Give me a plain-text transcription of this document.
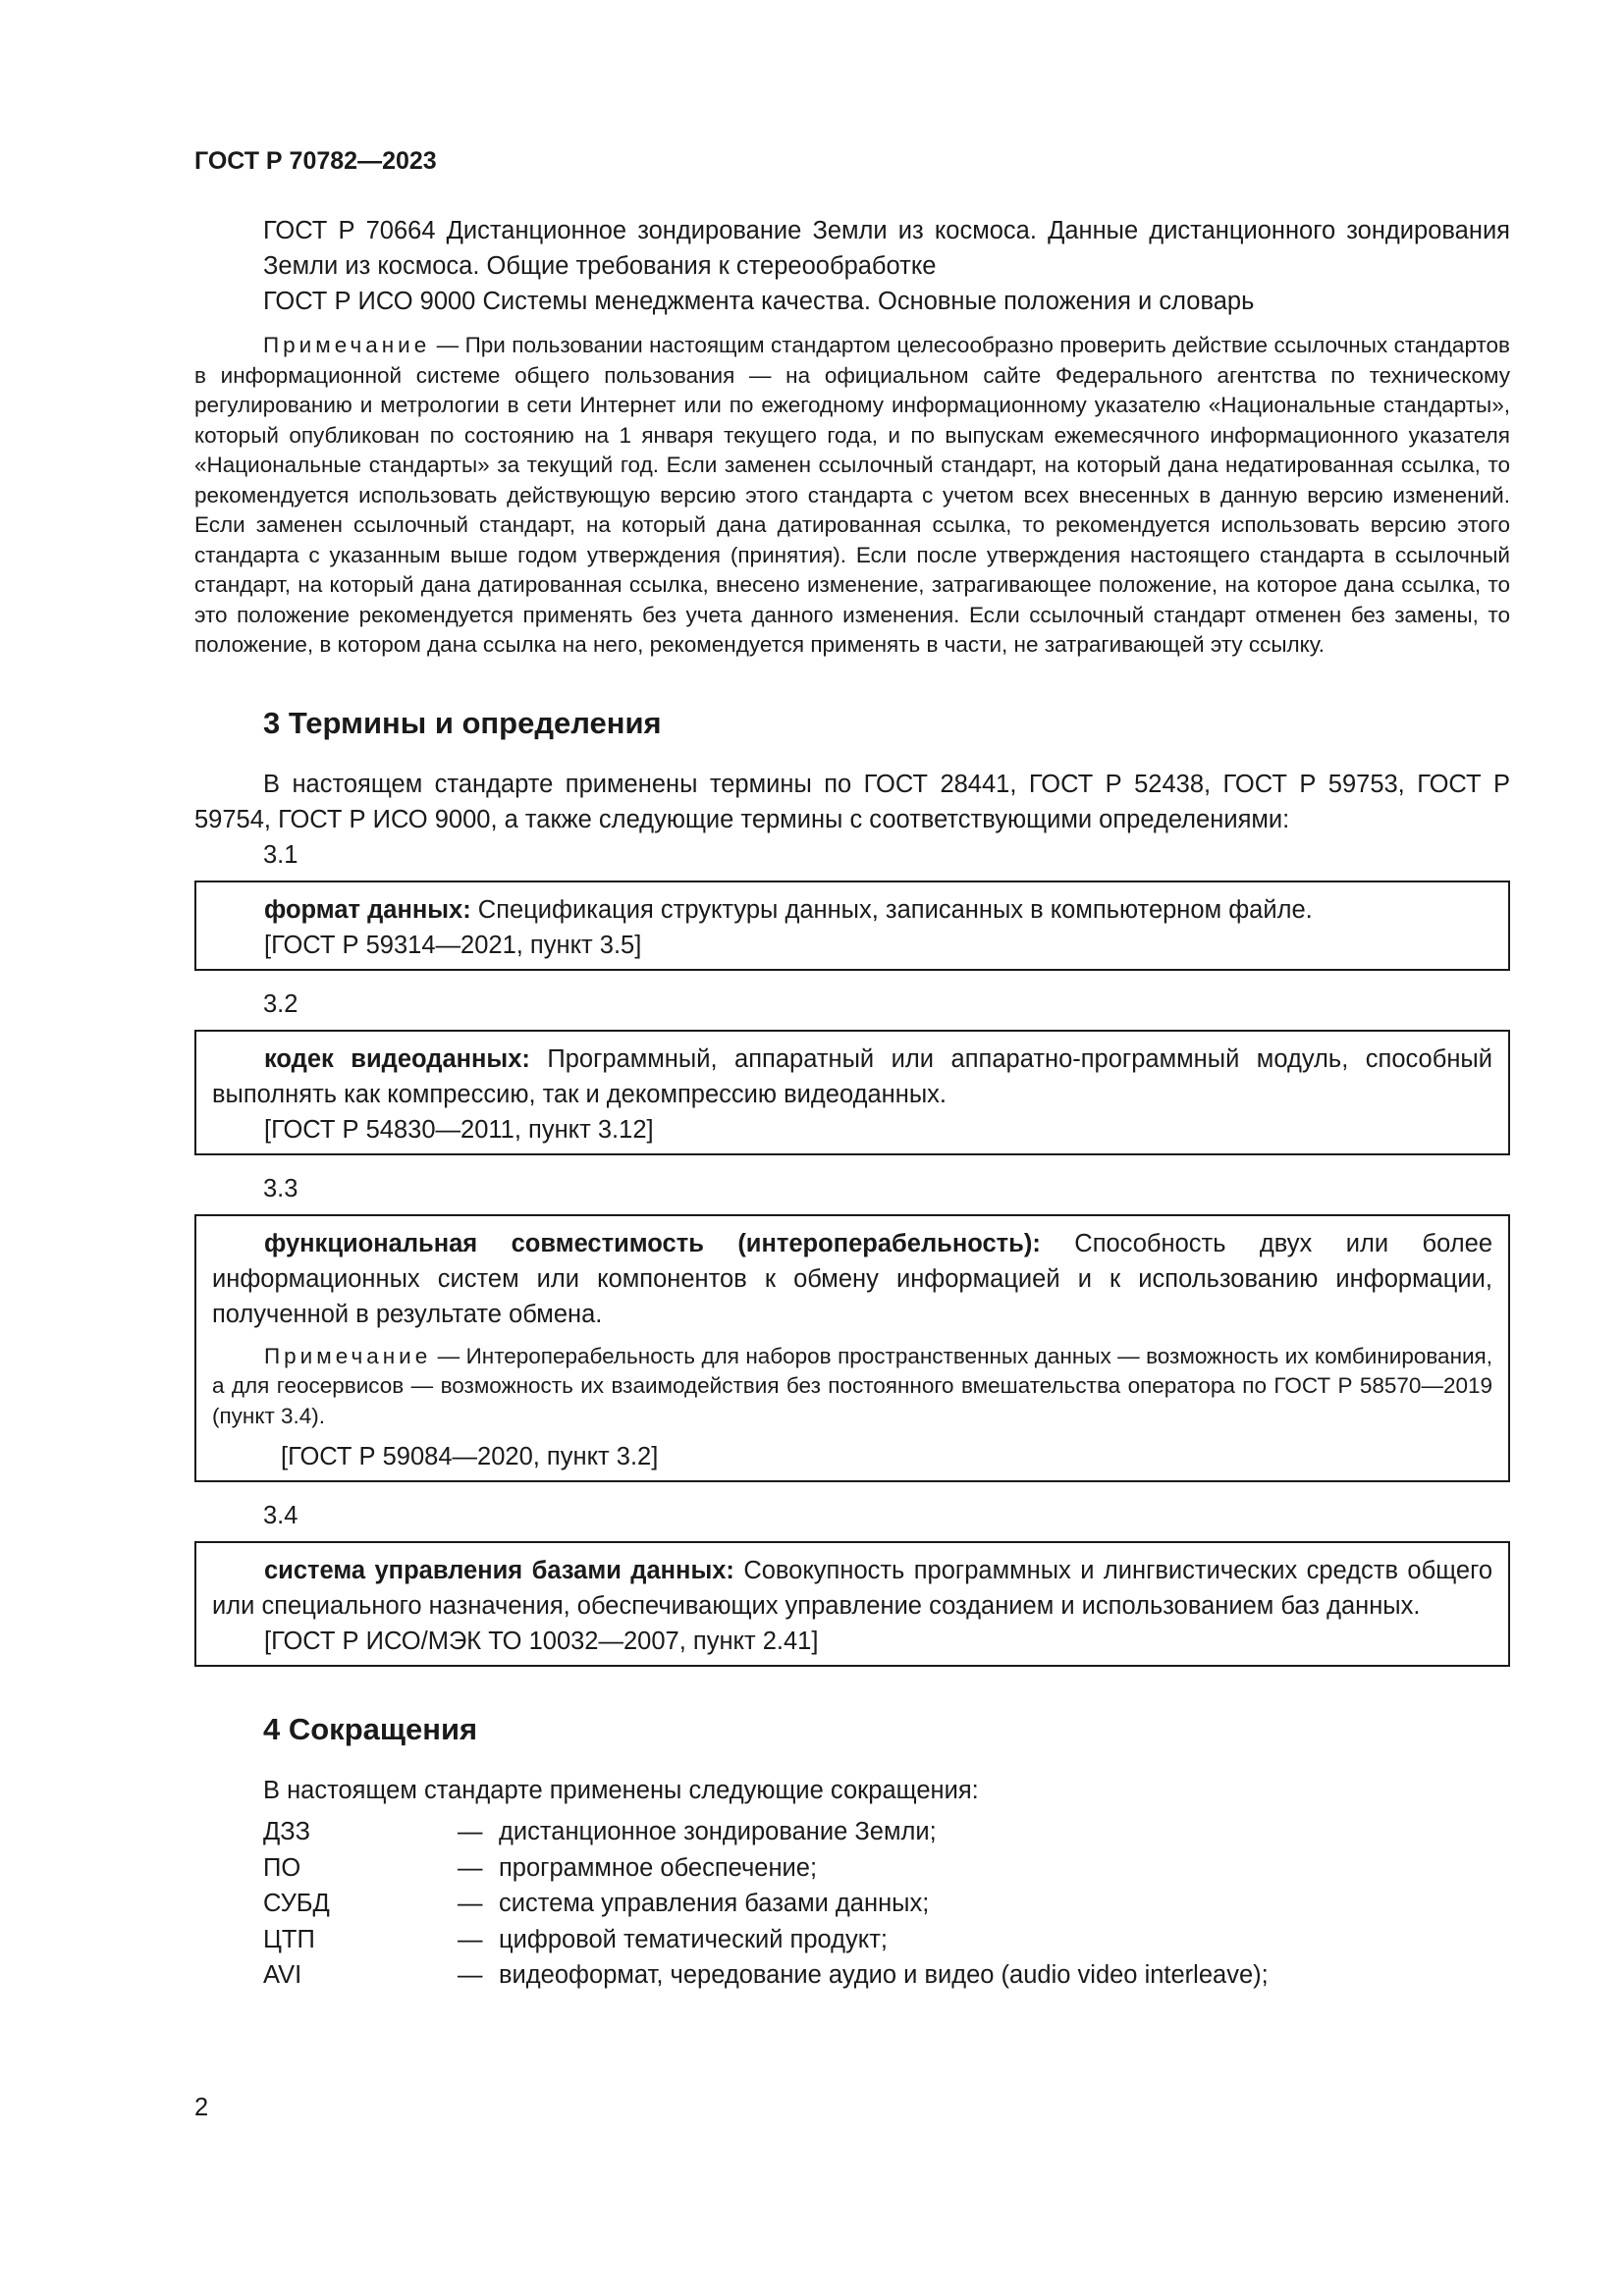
ГОСТ Р 70782—2023

ГОСТ Р 70664 Дистанционное зондирование Земли из космоса. Данные дистанционного зондирования Земли из космоса. Общие требования к стереообработке

ГОСТ Р ИСО 9000 Системы менеджмента качества. Основные положения и словарь

Примечание — При пользовании настоящим стандартом целесообразно проверить действие ссылочных стандартов в информационной системе общего пользования — на официальном сайте Федерального агентства по техническому регулированию и метрологии в сети Интернет или по ежегодному информационному указателю «Национальные стандарты», который опубликован по состоянию на 1 января текущего года, и по выпускам ежемесячного информационного указателя «Национальные стандарты» за текущий год. Если заменен ссылочный стандарт, на который дана недатированная ссылка, то рекомендуется использовать действующую версию этого стандарта с учетом всех внесенных в данную версию изменений. Если заменен ссылочный стандарт, на который дана датированная ссылка, то рекомендуется использовать версию этого стандарта с указанным выше годом утверждения (принятия). Если после утверждения настоящего стандарта в ссылочный стандарт, на который дана датированная ссылка, внесено изменение, затрагивающее положение, на которое дана ссылка, то это положение рекомендуется применять без учета данного изменения. Если ссылочный стандарт отменен без замены, то положение, в котором дана ссылка на него, рекомендуется применять в части, не затрагивающей эту ссылку.

3 Термины и определения

В настоящем стандарте применены термины по ГОСТ 28441, ГОСТ Р 52438, ГОСТ Р 59753, ГОСТ Р 59754, ГОСТ Р ИСО 9000, а также следующие термины с соответствующими определениями:

3.1

формат данных: Спецификация структуры данных, записанных в компьютерном файле.

[ГОСТ Р 59314—2021, пункт 3.5]

3.2

кодек видеоданных: Программный, аппаратный или аппаратно-программный модуль, способный выполнять как компрессию, так и декомпрессию видеоданных.

[ГОСТ Р 54830—2011, пункт 3.12]

3.3

функциональная совместимость (интероперабельность): Способность двух или более информационных систем или компонентов к обмену информацией и к использованию информации, полученной в результате обмена.

Примечание — Интероперабельность для наборов пространственных данных — возможность их комбинирования, а для геосервисов — возможность их взаимодействия без постоянного вмешательства оператора по ГОСТ Р 58570—2019 (пункт 3.4).

[ГОСТ Р 59084—2020, пункт 3.2]

3.4

система управления базами данных: Совокупность программных и лингвистических средств общего или специального назначения, обеспечивающих управление созданием и использованием баз данных.

[ГОСТ Р ИСО/МЭК ТО 10032—2007, пункт 2.41]

4 Сокращения

В настоящем стандарте применены следующие сокращения:

ДЗЗ	— дистанционное зондирование Земли;
ПО	— программное обеспечение;
СУБД	— система управления базами данных;
ЦТП	— цифровой тематический продукт;
AVI	— видеоформат, чередование аудио и видео (audio video interleave);
2
